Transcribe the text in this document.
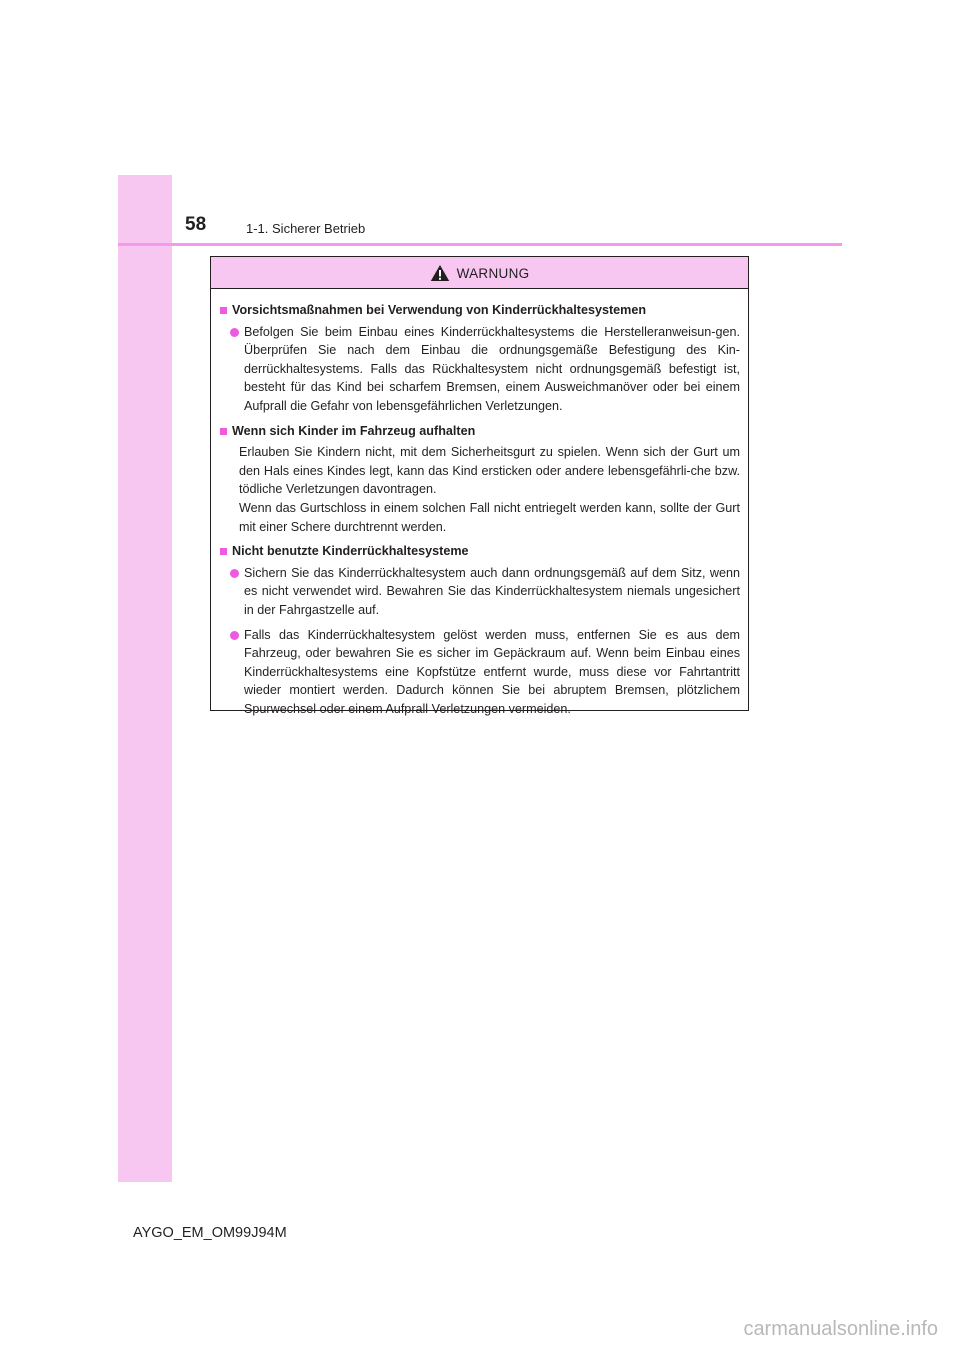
58	1-1. Sicherer Betrieb
WARNUNG
Vorsichtsmaßnahmen bei Verwendung von Kinderrückhaltesystemen
Befolgen Sie beim Einbau eines Kinderrückhaltesystems die Herstelleranweisun-gen. Überprüfen Sie nach dem Einbau die ordnungsgemäße Befestigung des Kin-derrückhaltesystems. Falls das Rückhaltesystem nicht ordnungsgemäß befestigt ist, besteht für das Kind bei scharfem Bremsen, einem Ausweichmanöver oder bei einem Aufprall die Gefahr von lebensgefährlichen Verletzungen.
Wenn sich Kinder im Fahrzeug aufhalten
Erlauben Sie Kindern nicht, mit dem Sicherheitsgurt zu spielen. Wenn sich der Gurt um den Hals eines Kindes legt, kann das Kind ersticken oder andere lebensgefährli-che bzw. tödliche Verletzungen davontragen.
Wenn das Gurtschloss in einem solchen Fall nicht entriegelt werden kann, sollte der Gurt mit einer Schere durchtrennt werden.
Nicht benutzte Kinderrückhaltesysteme
Sichern Sie das Kinderrückhaltesystem auch dann ordnungsgemäß auf dem Sitz, wenn es nicht verwendet wird. Bewahren Sie das Kinderrückhaltesystem niemals ungesichert in der Fahrgastzelle auf.
Falls das Kinderrückhaltesystem gelöst werden muss, entfernen Sie es aus dem Fahrzeug, oder bewahren Sie es sicher im Gepäckraum auf. Wenn beim Einbau eines Kinderrückhaltesystems eine Kopfstütze entfernt wurde, muss diese vor Fahrtantritt wieder montiert werden. Dadurch können Sie bei abruptem Bremsen, plötzlichem Spurwechsel oder einem Aufprall Verletzungen vermeiden.
AYGO_EM_OM99J94M
carmanualsonline.info
